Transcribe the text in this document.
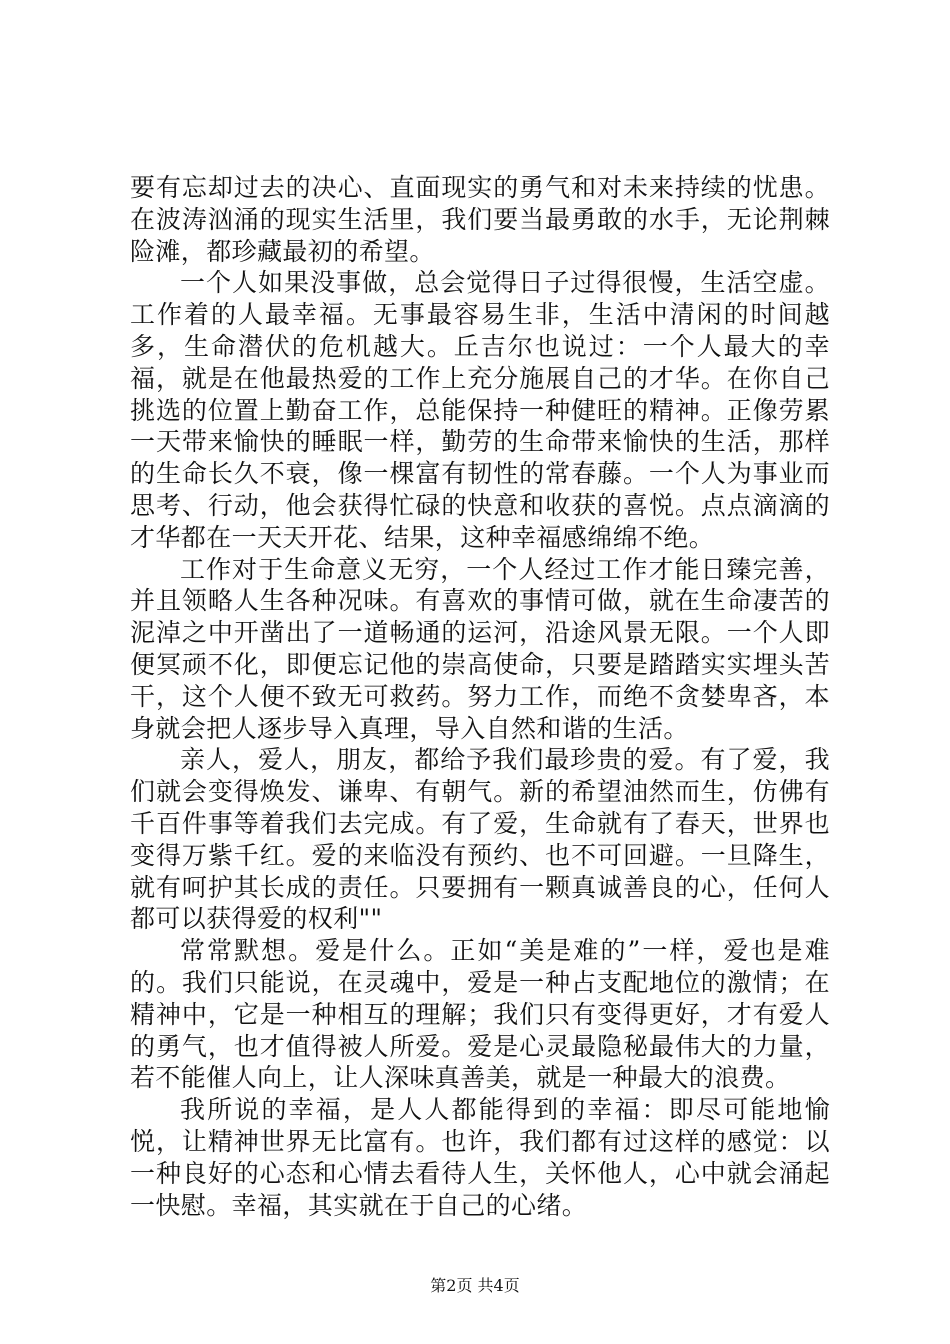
要有忘却过去的决心、直面现实的勇气和对未来持续的忧患。在波涛汹涌的现实生活里，我们要当最勇敢的水手，无论荆棘险滩，都珍藏最初的希望。

一个人如果没事做，总会觉得日子过得很慢，生活空虚。工作着的人最幸福。无事最容易生非，生活中清闲的时间越多，生命潜伏的危机越大。丘吉尔也说过：一个人最大的幸福，就是在他最热爱的工作上充分施展自己的才华。在你自己挑选的位置上勤奋工作，总能保持一种健旺的精神。正像劳累一天带来愉快的睡眠一样，勤劳的生命带来愉快的生活，那样的生命长久不衰，像一棵富有韧性的常春藤。一个人为事业而思考、行动，他会获得忙碌的快意和收获的喜悦。点点滴滴的才华都在一天天开花、结果，这种幸福感绵绵不绝。

工作对于生命意义无穷，一个人经过工作才能日臻完善，并且领略人生各种况味。有喜欢的事情可做，就在生命凄苦的泥淖之中开凿出了一道畅通的运河，沿途风景无限。一个人即便冥顽不化，即便忘记他的崇高使命，只要是踏踏实实埋头苦干，这个人便不致无可救药。努力工作，而绝不贪婪卑吝，本身就会把人逐步导入真理，导入自然和谐的生活。

亲人，爱人，朋友，都给予我们最珍贵的爱。有了爱，我们就会变得焕发、谦卑、有朝气。新的希望油然而生，仿佛有千百件事等着我们去完成。有了爱，生命就有了春天，世界也变得万紫千红。爱的来临没有预约、也不可回避。一旦降生，就有呵护其长成的责任。只要拥有一颗真诚善良的心，任何人都可以获得爱的权利""

常常默想。爱是什么。正如“美是难的”一样，爱也是难的。我们只能说，在灵魂中，爱是一种占支配地位的激情；在精神中，它是一种相互的理解；我们只有变得更好，才有爱人的勇气，也才值得被人所爱。爱是心灵最隐秘最伟大的力量，若不能催人向上，让人深味真善美，就是一种最大的浪费。

我所说的幸福，是人人都能得到的幸福：即尽可能地愉悦，让精神世界无比富有。也许，我们都有过这样的感觉：以一种良好的心态和心情去看待人生，关怀他人，心中就会涌起一快慰。幸福，其实就在于自己的心绪。

第2页 共4页
